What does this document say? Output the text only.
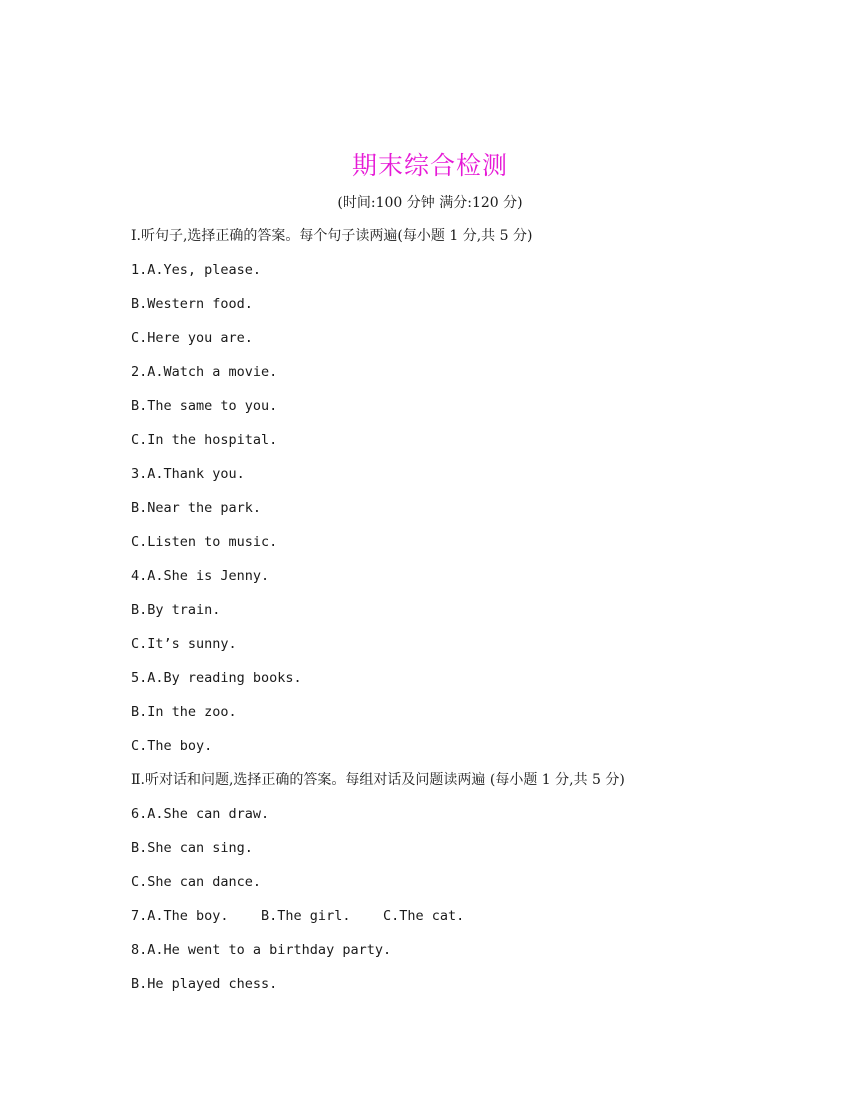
期末综合检测
(时间:100 分钟 满分:120 分)
Ⅰ.听句子,选择正确的答案。每个句子读两遍(每小题 1 分,共 5 分)
1.A.Yes, please.
B.Western food.
C.Here you are.
2.A.Watch a movie.
B.The same to you.
C.In the hospital.
3.A.Thank you.
B.Near the park.
C.Listen to music.
4.A.She is Jenny.
B.By train.
C.It’s sunny.
5.A.By reading books.
B.In the zoo.
C.The boy.
Ⅱ.听对话和问题,选择正确的答案。每组对话及问题读两遍 (每小题 1 分,共 5 分)
6.A.She can draw.
B.She can sing.
C.She can dance.
7.A.The boy.    B.The girl.    C.The cat.
8.A.He went to a birthday party.
B.He played chess.
